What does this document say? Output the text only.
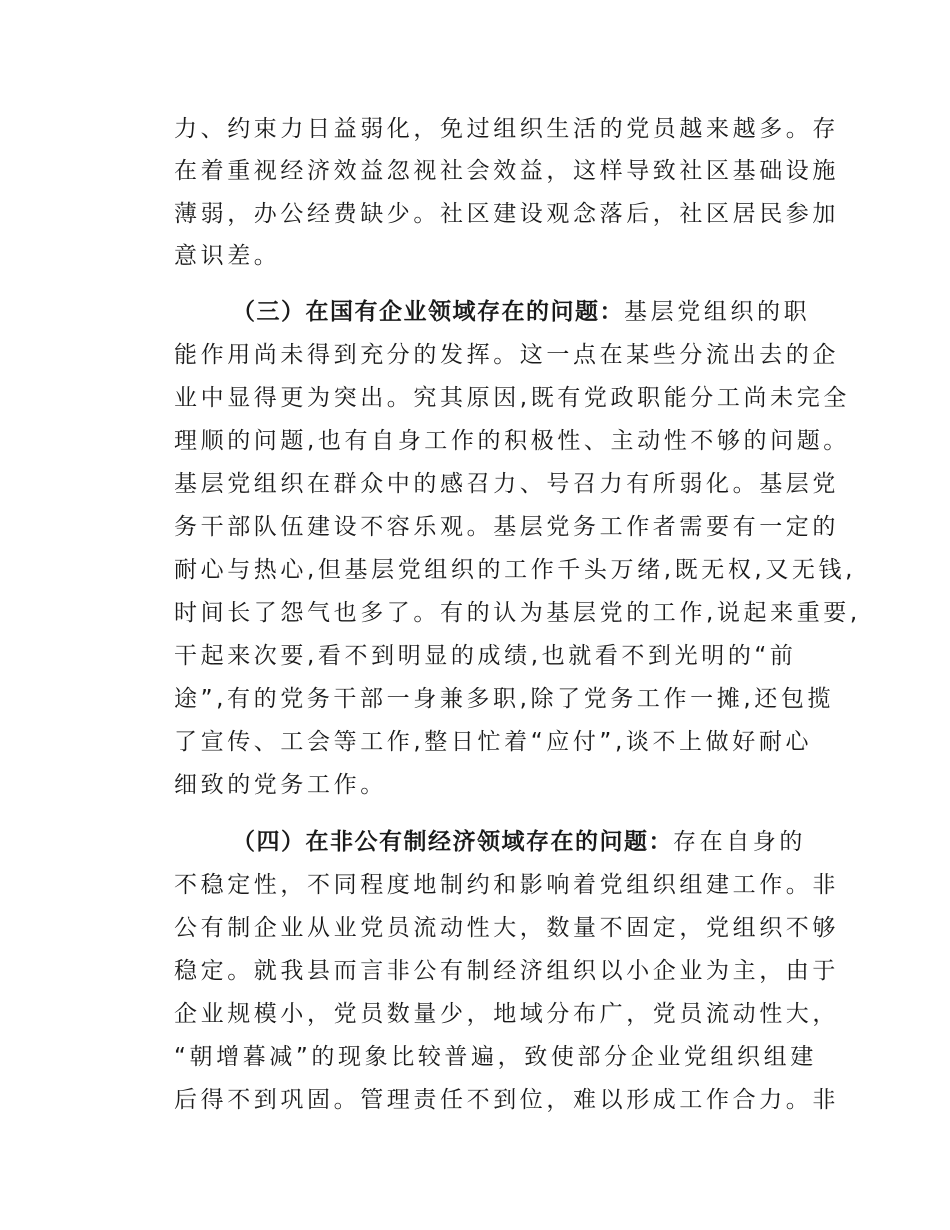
力、约束力日益弱化，免过组织生活的党员越来越多。存
在着重视经济效益忽视社会效益，这样导致社区基础设施
薄弱，办公经费缺少。社区建设观念落后，社区居民参加
意识差。
（三）在国有企业领域存在的问题：基层党组织的职
能作用尚未得到充分的发挥。这一点在某些分流出去的企
业中显得更为突出。究其原因,既有党政职能分工尚未完全
理顺的问题,也有自身工作的积极性、主动性不够的问题。
基层党组织在群众中的感召力、号召力有所弱化。基层党
务干部队伍建设不容乐观。基层党务工作者需要有一定的
耐心与热心,但基层党组织的工作千头万绪,既无权,又无钱,
时间长了怨气也多了。有的认为基层党的工作,说起来重要,
干起来次要,看不到明显的成绩,也就看不到光明的“前
途”,有的党务干部一身兼多职,除了党务工作一摊,还包揽
了宣传、工会等工作,整日忙着“应付”,谈不上做好耐心
细致的党务工作。
（四）在非公有制经济领域存在的问题：存在自身的
不稳定性，不同程度地制约和影响着党组织组建工作。非
公有制企业从业党员流动性大，数量不固定，党组织不够
稳定。就我县而言非公有制经济组织以小企业为主，由于
企业规模小，党员数量少，地域分布广，党员流动性大，
“朝增暮减”的现象比较普遍，致使部分企业党组织组建
后得不到巩固。管理责任不到位，难以形成工作合力。非
